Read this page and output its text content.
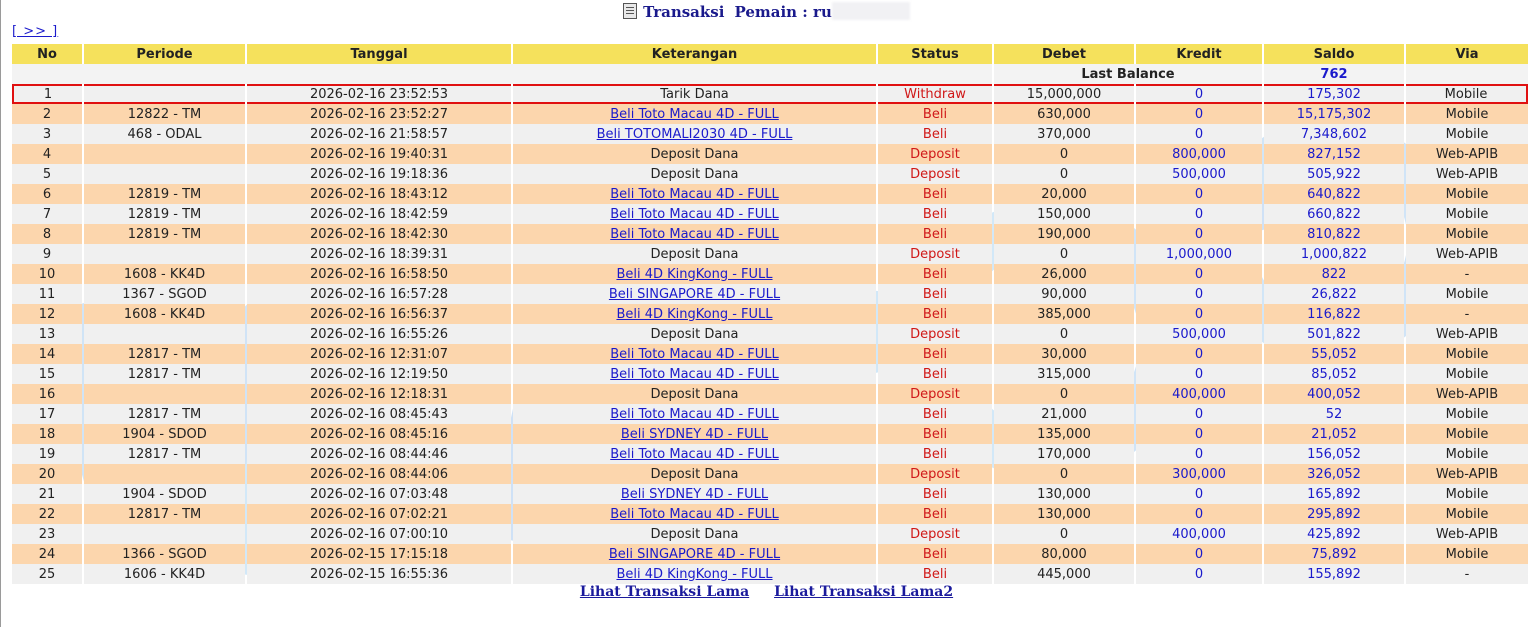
Transaksi Pemain : ru
[ >> ]
No	Periode	Tanggal	Keterangan	Status	Debet	Kredit	Saldo	Via
					Last Balance		762	
1		2026-02-16 23:52:53	Tarik Dana	Withdraw	15,000,000	0	175,302	Mobile
2	12822 - TM	2026-02-16 23:52:27	Beli Toto Macau 4D - FULL	Beli	630,000	0	15,175,302	Mobile
3	468 - ODAL	2026-02-16 21:58:57	Beli TOTOMALI2030 4D - FULL	Beli	370,000	0	7,348,602	Mobile
4		2026-02-16 19:40:31	Deposit Dana	Deposit	0	800,000	827,152	Web-APIB
5		2026-02-16 19:18:36	Deposit Dana	Deposit	0	500,000	505,922	Web-APIB
6	12819 - TM	2026-02-16 18:43:12	Beli Toto Macau 4D - FULL	Beli	20,000	0	640,822	Mobile
7	12819 - TM	2026-02-16 18:42:59	Beli Toto Macau 4D - FULL	Beli	150,000	0	660,822	Mobile
8	12819 - TM	2026-02-16 18:42:30	Beli Toto Macau 4D - FULL	Beli	190,000	0	810,822	Mobile
9		2026-02-16 18:39:31	Deposit Dana	Deposit	0	1,000,000	1,000,822	Web-APIB
10	1608 - KK4D	2026-02-16 16:58:50	Beli 4D KingKong - FULL	Beli	26,000	0	822	-
11	1367 - SGOD	2026-02-16 16:57:28	Beli SINGAPORE 4D - FULL	Beli	90,000	0	26,822	Mobile
12	1608 - KK4D	2026-02-16 16:56:37	Beli 4D KingKong - FULL	Beli	385,000	0	116,822	-
13		2026-02-16 16:55:26	Deposit Dana	Deposit	0	500,000	501,822	Web-APIB
14	12817 - TM	2026-02-16 12:31:07	Beli Toto Macau 4D - FULL	Beli	30,000	0	55,052	Mobile
15	12817 - TM	2026-02-16 12:19:50	Beli Toto Macau 4D - FULL	Beli	315,000	0	85,052	Mobile
16		2026-02-16 12:18:31	Deposit Dana	Deposit	0	400,000	400,052	Web-APIB
17	12817 - TM	2026-02-16 08:45:43	Beli Toto Macau 4D - FULL	Beli	21,000	0	52	Mobile
18	1904 - SDOD	2026-02-16 08:45:16	Beli SYDNEY 4D - FULL	Beli	135,000	0	21,052	Mobile
19	12817 - TM	2026-02-16 08:44:46	Beli Toto Macau 4D - FULL	Beli	170,000	0	156,052	Mobile
20		2026-02-16 08:44:06	Deposit Dana	Deposit	0	300,000	326,052	Web-APIB
21	1904 - SDOD	2026-02-16 07:03:48	Beli SYDNEY 4D - FULL	Beli	130,000	0	165,892	Mobile
22	12817 - TM	2026-02-16 07:02:21	Beli Toto Macau 4D - FULL	Beli	130,000	0	295,892	Mobile
23		2026-02-16 07:00:10	Deposit Dana	Deposit	0	400,000	425,892	Web-APIB
24	1366 - SGOD	2026-02-15 17:15:18	Beli SINGAPORE 4D - FULL	Beli	80,000	0	75,892	Mobile
25	1606 - KK4D	2026-02-15 16:55:36	Beli 4D KingKong - FULL	Beli	445,000	0	155,892	-
Lihat Transaksi Lama Lihat Transaksi Lama2
